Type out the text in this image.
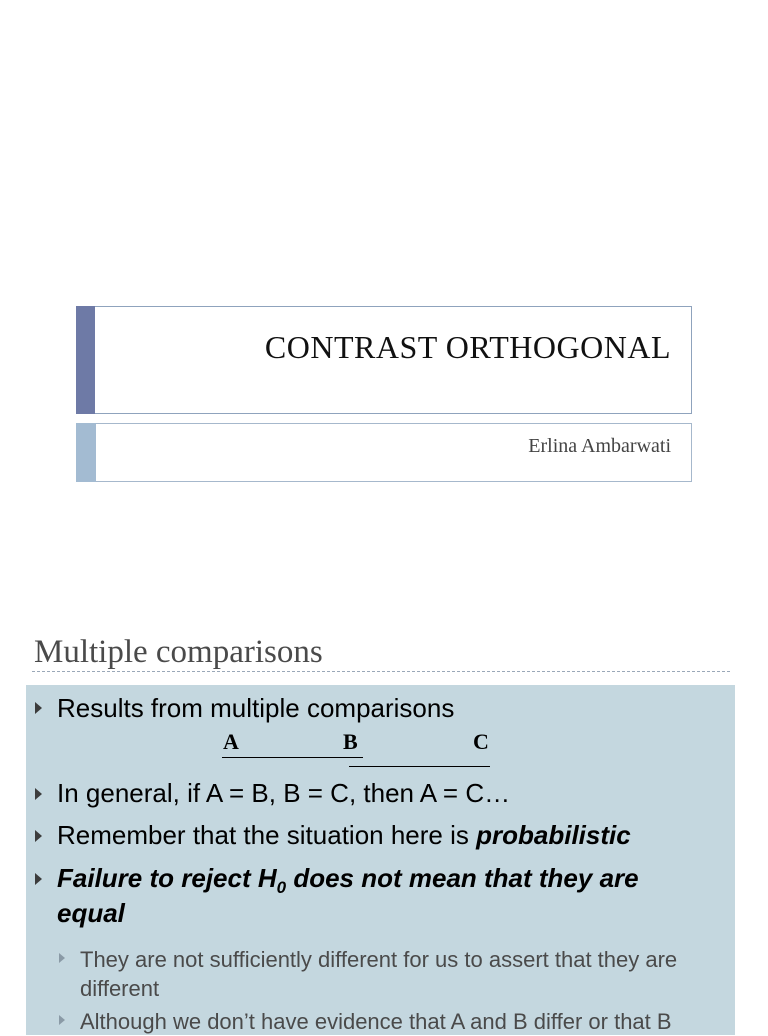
CONTRAST ORTHOGONAL
Erlina Ambarwati
Multiple comparisons
Results from multiple comparisons
A	B	C
In general, if A = B, B = C, then A = C…
Remember that the situation here is probabilistic
Failure to reject $H_0$ does not mean that they are
equal
They are not sufficiently different for us to assert that they are
different
Although we don’t have evidence that A and B differ or that B
